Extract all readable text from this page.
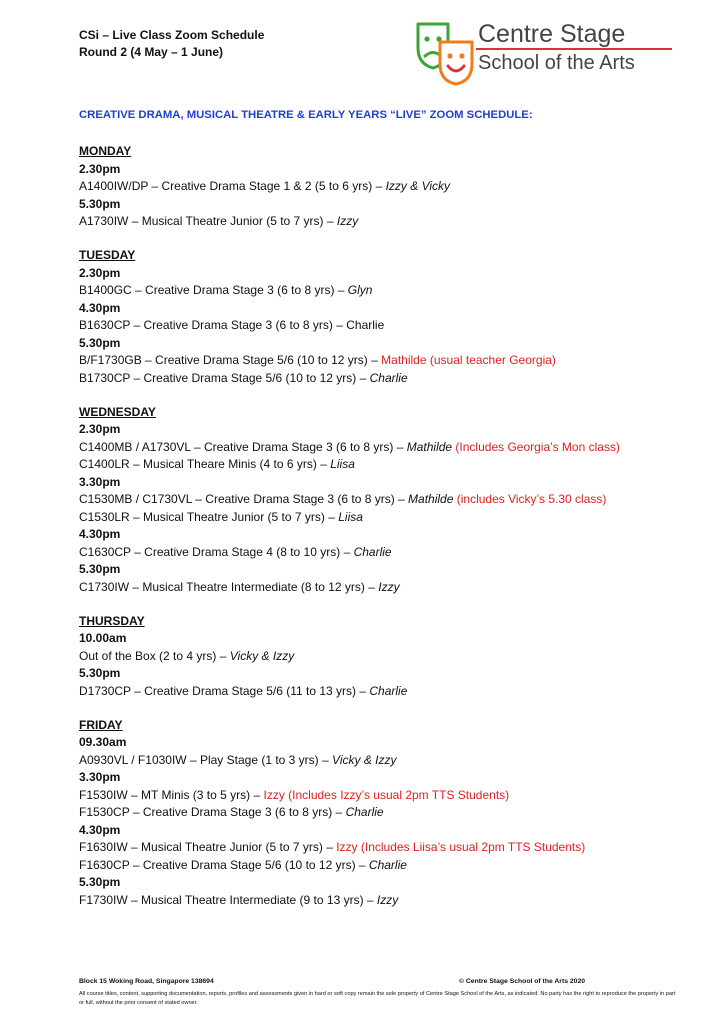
CSi – Live Class Zoom Schedule
Round 2 (4 May – 1 June)
Centre Stage
School of the Arts
CREATIVE DRAMA, MUSICAL THEATRE & EARLY YEARS “LIVE” ZOOM SCHEDULE:
MONDAY
2.30pm
A1400IW/DP – Creative Drama Stage 1 & 2 (5 to 6 yrs) – Izzy & Vicky
5.30pm
A1730IW – Musical Theatre Junior (5 to 7 yrs) – Izzy
TUESDAY
2.30pm
B1400GC – Creative Drama Stage 3 (6 to 8 yrs) – Glyn
4.30pm
B1630CP – Creative Drama Stage 3 (6 to 8 yrs) – Charlie
5.30pm
B/F1730GB – Creative Drama Stage 5/6 (10 to 12 yrs) – Mathilde (usual teacher Georgia)
B1730CP – Creative Drama Stage 5/6 (10 to 12 yrs) – Charlie
WEDNESDAY
2.30pm
C1400MB / A1730VL – Creative Drama Stage 3 (6 to 8 yrs) – Mathilde (Includes Georgia’s Mon class)
C1400LR – Musical Theare Minis (4 to 6 yrs) – Liisa
3.30pm
C1530MB / C1730VL – Creative Drama Stage 3 (6 to 8 yrs) – Mathilde (includes Vicky’s 5.30 class)
C1530LR – Musical Theatre Junior (5 to 7 yrs) – Liisa
4.30pm
C1630CP – Creative Drama Stage 4 (8 to 10 yrs) – Charlie
5.30pm
C1730IW – Musical Theatre Intermediate (8 to 12 yrs) – Izzy
THURSDAY
10.00am
Out of the Box (2 to 4 yrs) – Vicky & Izzy
5.30pm
D1730CP – Creative Drama Stage 5/6 (11 to 13 yrs) – Charlie
FRIDAY
09.30am
A0930VL / F1030IW – Play Stage (1 to 3 yrs) – Vicky & Izzy
3.30pm
F1530IW – MT Minis (3 to 5 yrs) – Izzy (Includes Izzy’s usual 2pm TTS Students)
F1530CP – Creative Drama Stage 3 (6 to 8 yrs) – Charlie
4.30pm
F1630IW – Musical Theatre Junior (5 to 7 yrs) – Izzy (Includes Liisa’s usual 2pm TTS Students)
F1630CP – Creative Drama Stage 5/6 (10 to 12 yrs) – Charlie
5.30pm
F1730IW – Musical Theatre Intermediate (9 to 13 yrs) – Izzy
Block 15 Woking Road, Singapore 138694	© Centre Stage School of the Arts 2020
All course titles, content, supporting documentation, reports, profiles and assessments given in hard or soft copy remain the sole property of Centre Stage School of the Arts, as indicated. No party has the right to reproduce the property in part or full, without the prior consent of stated owner.
